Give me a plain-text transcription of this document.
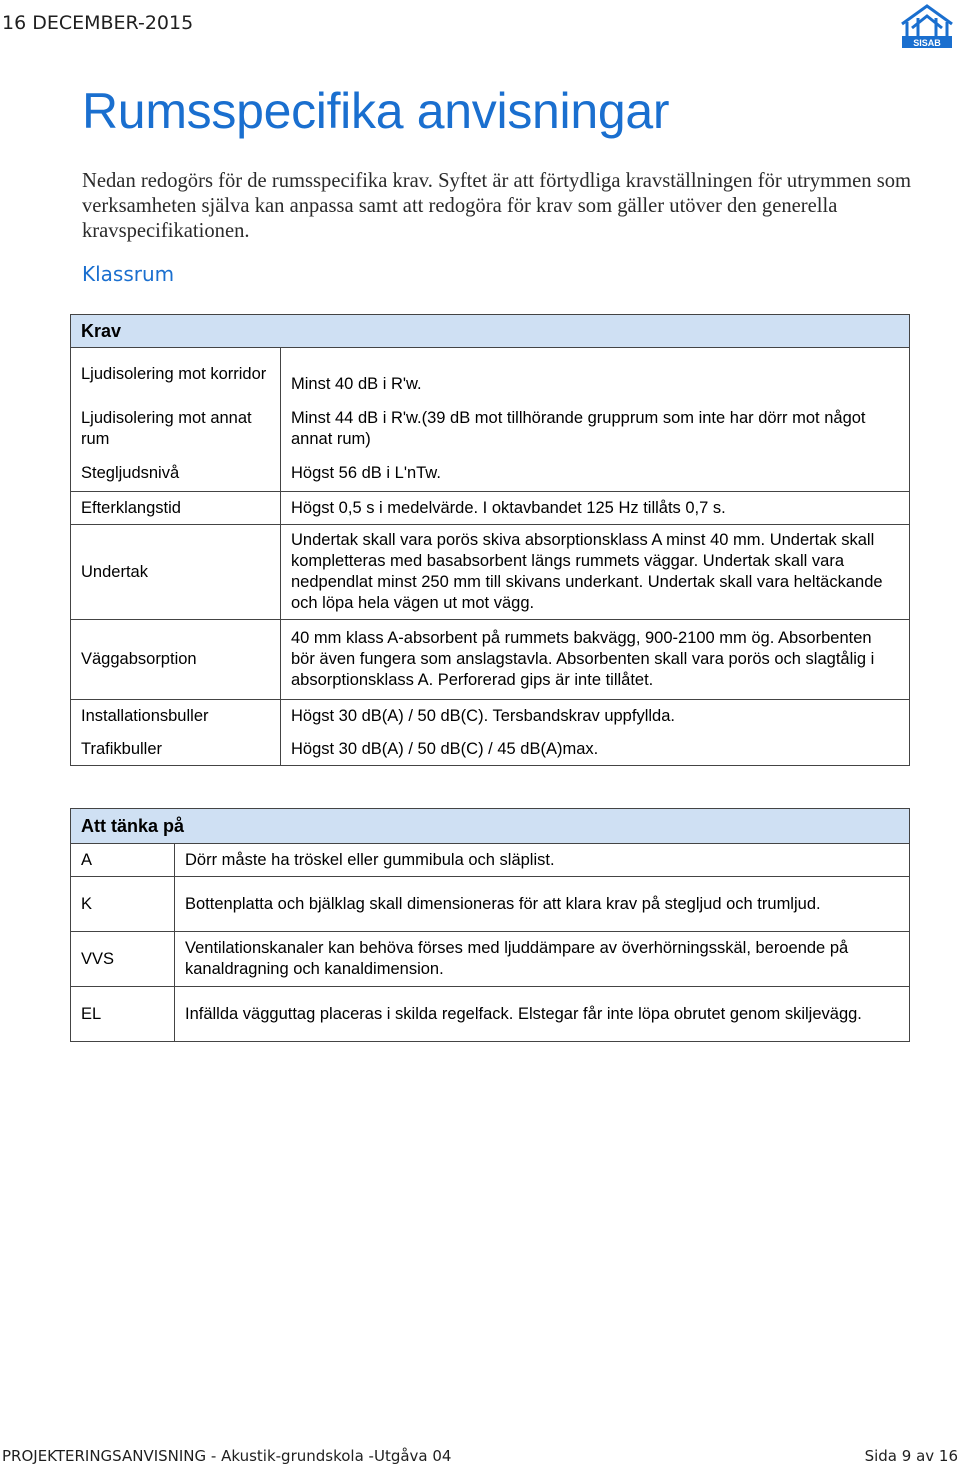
16 DECEMBER-2015
SISAB
Rumsspecifika anvisningar
Nedan redogörs för de rumsspecifika krav. Syftet är att förtydliga kravställningen för utrymmen som verksamheten själva kan anpassa samt att redogöra för krav som gäller utöver den generella kravspecifikationen.
Klassrum
Krav	
Ljudisolering mot korridor	Minst 40 dB i R'w.
Ljudisolering mot annat rum	Minst 44 dB i R'w.(39 dB mot tillhörande grupprum som inte har dörr mot något annat rum)
Stegljudsnivå	Högst 56 dB i L'nTw.
Efterklangstid	Högst 0,5 s i medelvärde. I oktavbandet 125 Hz tillåts 0,7 s.
Undertak	Undertak skall vara porös skiva absorptionsklass A minst 40 mm. Undertak skall kompletteras med basabsorbent längs rummets väggar. Undertak skall vara nedpendlat minst 250 mm till skivans underkant. Undertak skall vara heltäckande och löpa hela vägen ut mot vägg.
Väggabsorption	40 mm klass A-absorbent på rummets bakvägg, 900-2100 mm ög. Absorbenten bör även fungera som anslagstavla. Absorbenten skall vara porös och slagtålig i absorptionsklass A. Perforerad gips är inte tillåtet.
Installationsbuller	Högst 30 dB(A) / 50 dB(C). Tersbandskrav uppfyllda.
Trafikbuller	Högst 30 dB(A) / 50 dB(C) / 45 dB(A)max.
Att tänka på	
A	Dörr måste ha tröskel eller gummibula och släplist.
K	Bottenplatta och bjälklag skall dimensioneras för att klara krav på stegljud och trumljud.
VVS	Ventilationskanaler kan behöva förses med ljuddämpare av överhörningsskäl, beroende på kanaldragning och kanaldimension.
EL	Infällda vägguttag placeras i skilda regelfack. Elstegar får inte löpa obrutet genom skiljevägg.
PROJEKTERINGSANVISNING - Akustik-grundskola -Utgåva 04	Sida 9 av 16
